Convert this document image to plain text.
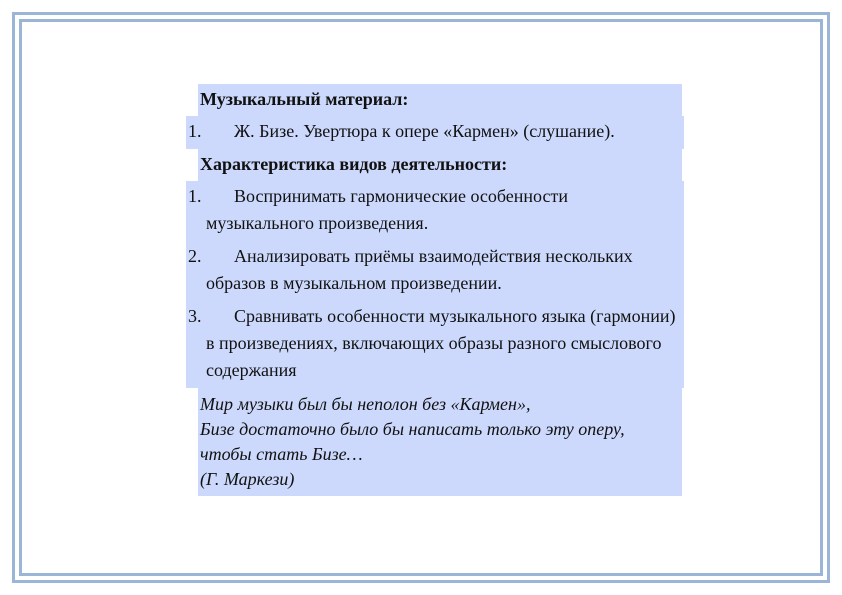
Музыкальный материал:
1.	Ж. Бизе. Увертюра к опере «Кармен» (слушание).
Характеристика видов деятельности:
1.	Воспринимать гармонические особенности музыкального произведения.
2.	Анализировать приёмы взаимодействия нескольких образов в музыкальном произведении.
3.	Сравнивать особенности музыкального языка (гармонии) в произведениях, включающих образы разного смыслового содержания
Мир музыки был бы неполон без «Кармен»,
Бизе достаточно было бы написать только эту оперу,
чтобы стать Бизе…
(Г. Маркези)
